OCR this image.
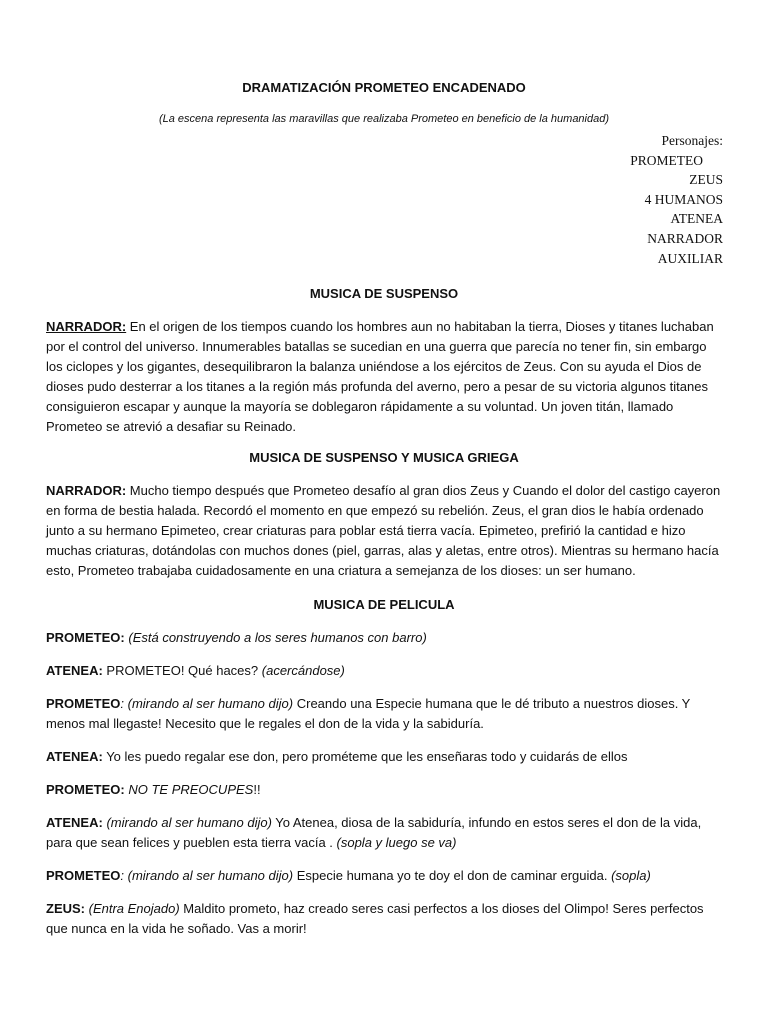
DRAMATIZACIÓN PROMETEO ENCADENADO
(La escena representa las maravillas que realizaba Prometeo en beneficio de la humanidad)
Personajes:
PROMETEO
ZEUS
4 HUMANOS
ATENEA
NARRADOR
AUXILIAR
MUSICA DE SUSPENSO
NARRADOR: En el origen de los tiempos cuando los hombres aun no habitaban la tierra, Dioses y titanes luchaban por el control del universo. Innumerables batallas se sucedian en una guerra que parecía no tener fin, sin embargo los ciclopes y los gigantes, desequilibraron la balanza uniéndose a los ejércitos de Zeus. Con su ayuda el Dios de dioses pudo desterrar a los titanes a la región más profunda del averno, pero a pesar de su victoria algunos titanes consiguieron escapar y aunque la mayoría se doblegaron rápidamente a su voluntad. Un joven titán, llamado Prometeo se atrevió a desafiar su Reinado.
MUSICA DE SUSPENSO Y MUSICA GRIEGA
NARRADOR: Mucho tiempo después que Prometeo desafío al gran dios Zeus y Cuando el dolor del castigo cayeron en forma de bestia halada. Recordó el momento en que empezó su rebelión. Zeus, el gran dios le había ordenado junto a su hermano Epimeteo, crear criaturas para poblar está tierra vacía. Epimeteo, prefirió la cantidad e hizo muchas criaturas, dotándolas con muchos dones (piel, garras, alas y aletas, entre otros). Mientras su hermano hacía esto, Prometeo trabajaba cuidadosamente en una criatura a semejanza de los dioses: un ser humano.
MUSICA DE PELICULA
PROMETEO: (Está construyendo a los seres humanos con barro)
ATENEA: PROMETEO! Qué haces? (acercándose)
PROMETEO: (mirando al ser humano dijo) Creando una Especie humana que le dé tributo a nuestros dioses. Y menos mal llegaste! Necesito que le regales el don de la vida y la sabiduría.
ATENEA: Yo les puedo regalar ese don, pero prométeme que les enseñaras todo y cuidarás de ellos
PROMETEO: NO TE PREOCUPES!!
ATENEA: (mirando al ser humano dijo) Yo Atenea, diosa de la sabiduría, infundo en estos seres el don de la vida, para que sean felices y pueblen esta tierra vacía . (sopla y luego se va)
PROMETEO: (mirando al ser humano dijo) Especie humana yo te doy el don de caminar erguida. (sopla)
ZEUS: (Entra Enojado) Maldito prometo, haz creado seres casi perfectos a los dioses del Olimpo! Seres perfectos que nunca en la vida he soñado. Vas a morir!
